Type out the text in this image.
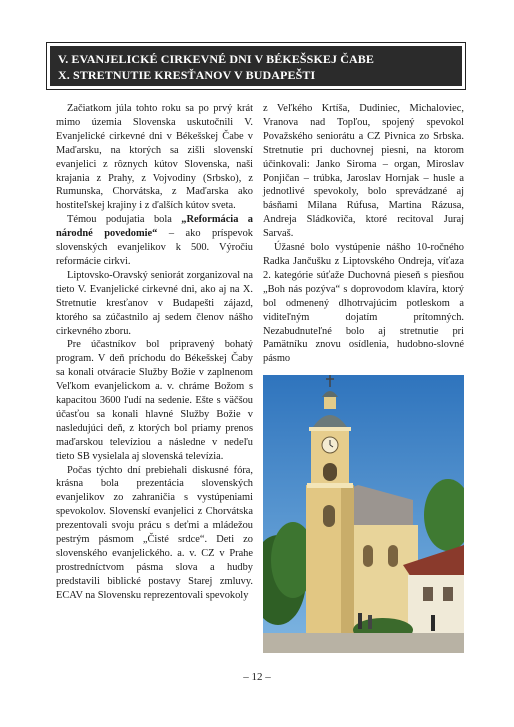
V. EVANJELICKÉ CIRKEVNÉ DNI V BÉKEŠSKEJ ČABE
X. STRETNUTIE KRESŤANOV V BUDAPEŠTI

Začiatkom júla tohto roku sa po prvý krát mimo územia Slovenska uskutočnili V. Evanjelické cirkevné dni v Békešskej Čabe v Maďarsku, na ktorých sa zišli slovenskí evanjelici z rôznych kútov Slovenska, naši krajania z Prahy, z Vojvodiny (Srbsko), z Rumunska, Chorvátska, z Maďarska ako hostiteľskej krajiny i z ďalších kútov sveta.

Témou podujatia bola „Reformácia a národné povedomie“ – ako príspevok slovenských evanjelikov k 500. Výročiu reformácie cirkvi.

Liptovsko-Oravský seniorát zorganizoval na tieto V. Evanjelické cirkevné dni, ako aj na X. Stretnutie kresťanov v Budapešti zájazd, ktorého sa zúčastnilo aj sedem členov nášho cirkevného zboru.

Pre účastníkov bol pripravený bohatý program. V deň príchodu do Békešskej Čaby sa konali otváracie Služby Božie v zaplnenom Veľkom evanjelickom a. v. chráme Božom s kapacitou 3600 ľudí na sedenie. Ešte s väčšou účasťou sa konali hlavné Služby Božie v nasledujúci deň, z ktorých bol priamy prenos maďarskou televíziou a následne v nedeľu tieto SB vysielala aj slovenská televízia.

Počas týchto dní prebiehali diskusné fóra, krásna bola prezentácia slovenských evanjelikov zo zahraničia s vystúpeniami spevokolov. Slovenskí evanjelici z Chorvátska prezentovali svoju prácu s deťmi a mládežou pestrým pásmom „Čisté srdce“. Deti zo slovenského evanjelického. a. v. CZ v Prahe prostredníctvom pásma slova a hudby predstavili biblické postavy Starej zmluvy. ECAV na Slovensku reprezentovali spevokoly

z Veľkého Krtíša, Dudiniec, Michaloviec, Vranova nad Topľou, spojený spevokol Považského seniorátu a CZ Pivnica zo Srbska. Stretnutie pri duchovnej piesni, na ktorom účinkovali: Janko Siroma – organ, Miroslav Ponjičan – trúbka, Jaroslav Hornjak – husle a jednotlivé spevokoly, bolo sprevádzané aj básňami Milana Rúfusa, Martina Rázusa, Andreja Sládkoviča, ktoré recitoval Juraj Sarvaš.

Úžasné bolo vystúpenie nášho 10-ročného Radka Jančušku z Liptovského Ondreja, víťaza 2. kategórie súťaže Duchovná pieseň s piesňou „Boh nás pozýva“ s doprovodom klavíra, ktorý bol odmenený dlhotrvajúcim potleskom a viditeľným dojatím prítomných. Nezabudnuteľné bolo aj stretnutie pri Pamätníku znovu osídlenia, hudobno-slovné pásmo

– 12 –
